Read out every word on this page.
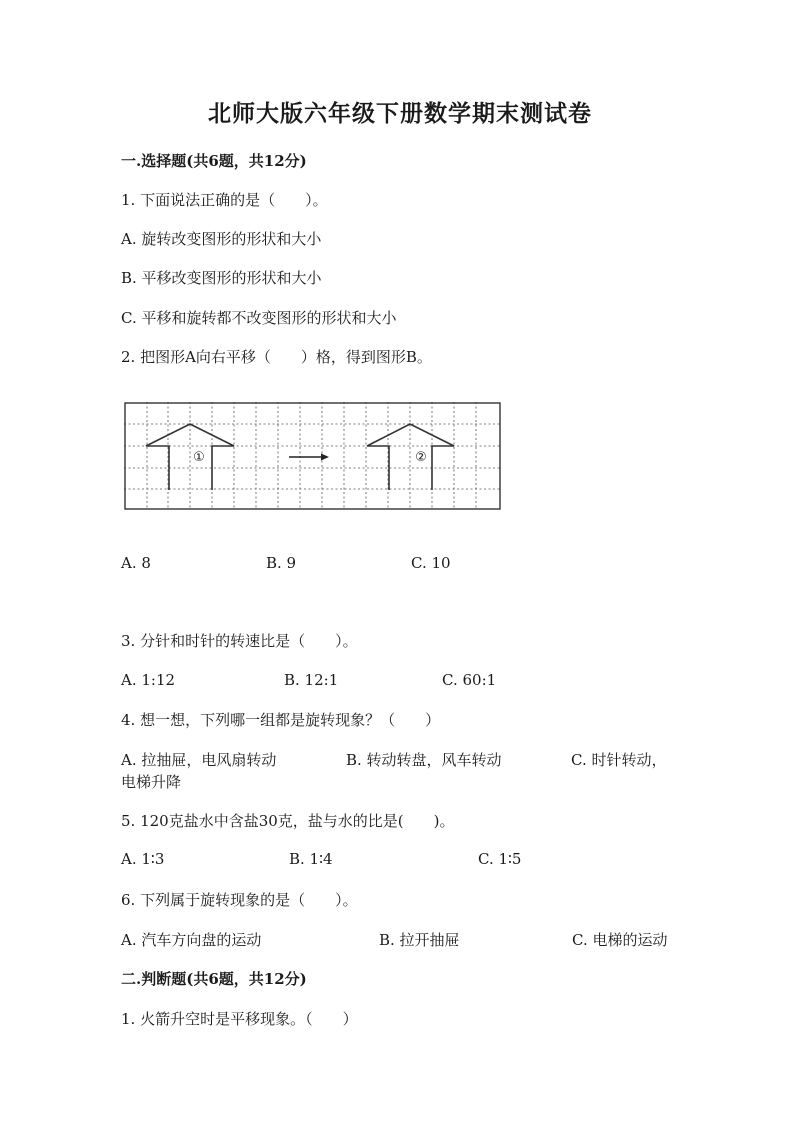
北师大版六年级下册数学期末测试卷
一.选择题(共6题，共12分)
1. 下面说法正确的是（　　）。
A. 旋转改变图形的形状和大小
B. 平移改变图形的形状和大小
C. 平移和旋转都不改变图形的形状和大小
2. 把图形A向右平移（　　）格，得到图形B。
①	②
A. 8	B. 9	C. 10
3. 分针和时针的转速比是（　　）。
A. 1:12	B. 12:1	C. 60:1
4. 想一想，下列哪一组都是旋转现象？（　　）
A. 拉抽屉，电风扇转动	B. 转动转盘，风车转动	C. 时针转动，
电梯升降
5. 120克盐水中含盐30克，盐与水的比是(　　)。
A. 1∶3	B. 1∶4	C. 1∶5
6. 下列属于旋转现象的是（　　）。
A. 汽车方向盘的运动	B. 拉开抽屉	C. 电梯的运动
二.判断题(共6题，共12分)
1. 火箭升空时是平移现象。（　　）
